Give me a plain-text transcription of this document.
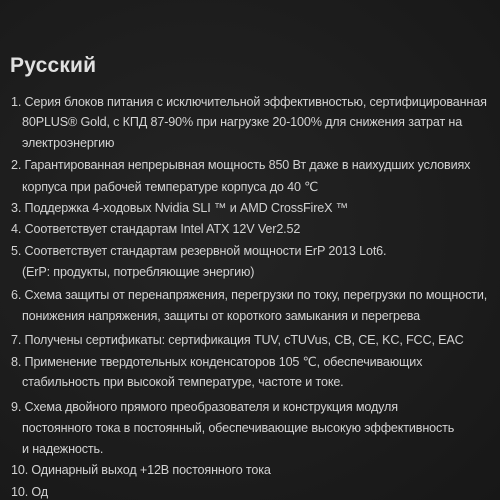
Русский
1. Серия блоков питания с исключительной эффективностью, сертифицированная
80PLUS® Gold, с КПД 87-90% при нагрузке 20-100% для снижения затрат на
электроэнергию
2. Гарантированная непрерывная мощность 850 Вт даже в наихудших условиях
корпуса при рабочей температуре корпуса до 40 ℃
3. Поддержка 4-ходовых Nvidia SLI ™ и AMD CrossFireX ™
4. Соответствует стандартам Intel ATX 12V Ver2.52
5. Соответствует стандартам резервной мощности ErP 2013 Lot6.
(ErP: продукты, потребляющие энергию)
6. Схема защиты от перенапряжения, перегрузки по току, перегрузки по мощности,
понижения напряжения, защиты от короткого замыкания и перегрева
7. Получены сертификаты: сертификация TUV, cTUVus, CB, CE, KC, FCC, EAC
8. Применение твердотельных конденсаторов 105 ℃, обеспечивающих
стабильность при высокой температуре, частоте и токе.
9. Схема двойного прямого преобразователя и конструкция модуля
постоянного тока в постоянный, обеспечивающие высокую эффективность
и надежность.
10. Одинарный выход +12В постоянного тока
10. Од
